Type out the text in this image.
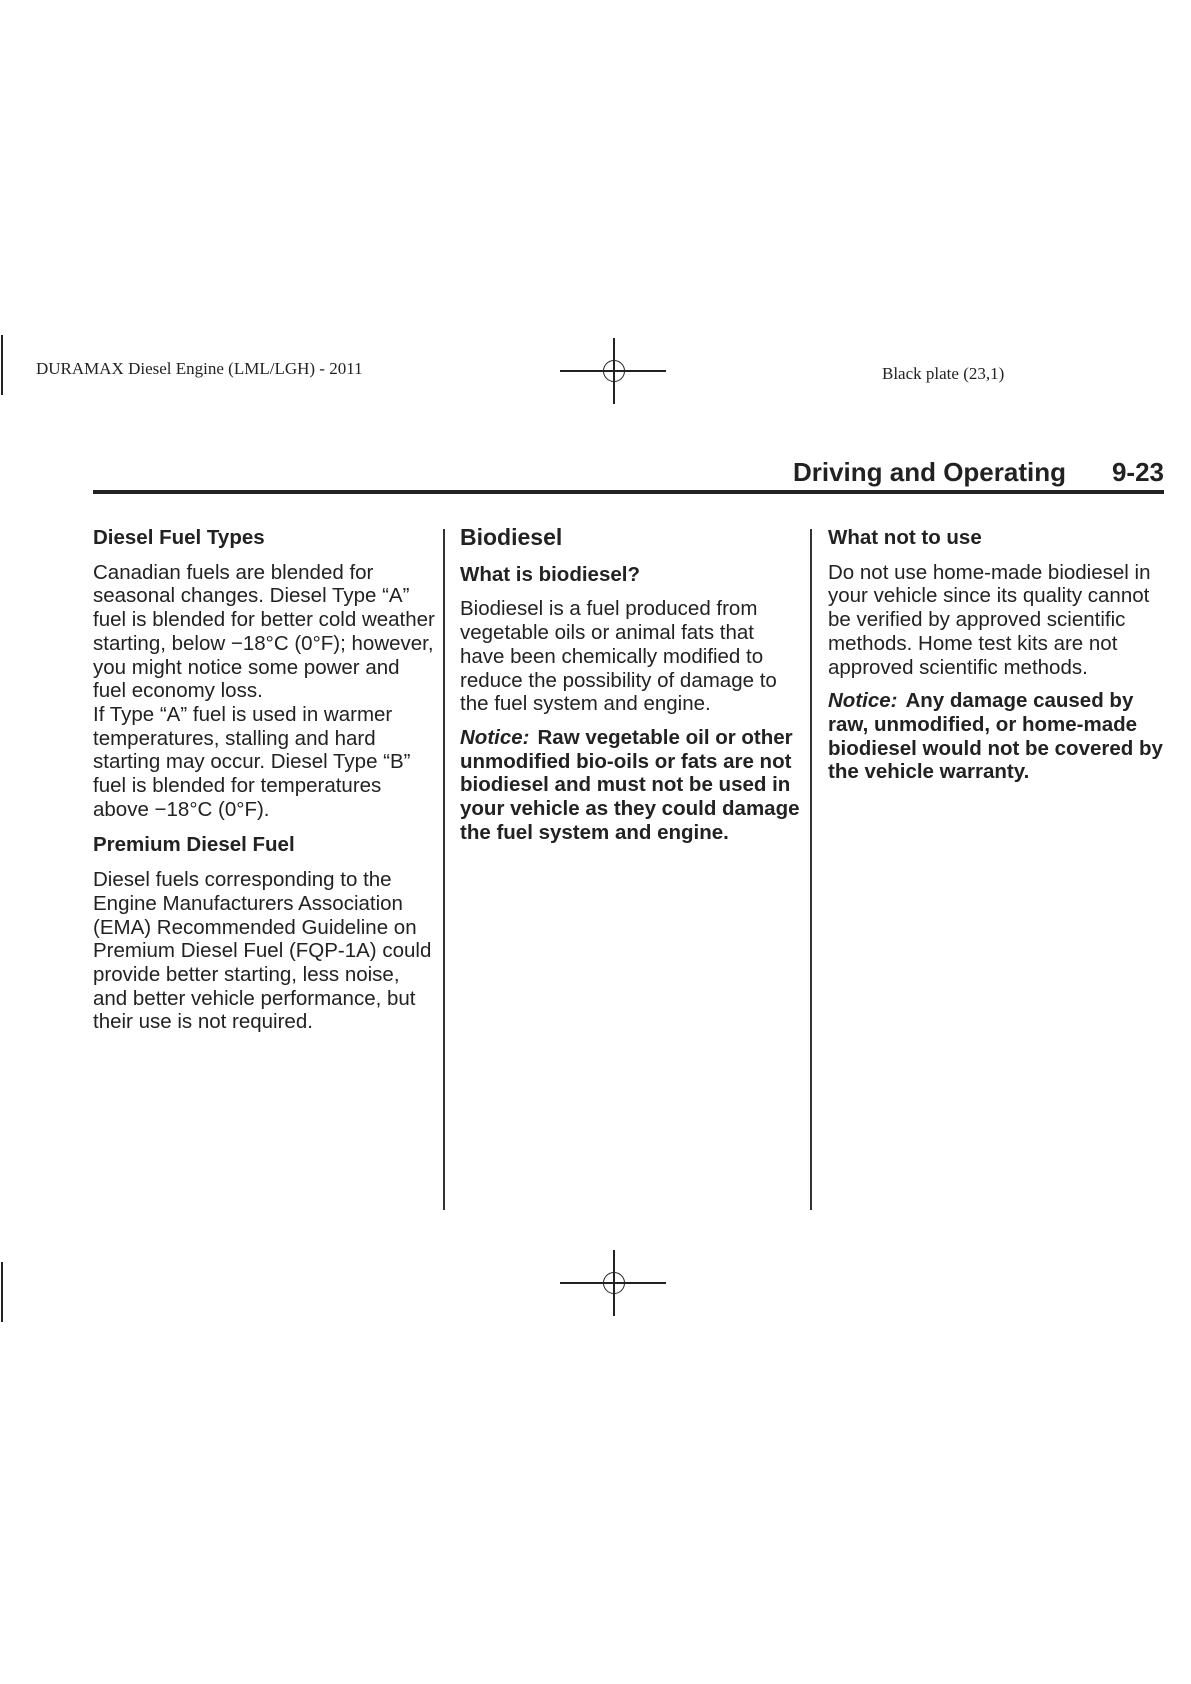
DURAMAX Diesel Engine (LML/LGH) - 2011	Black plate (23,1)
Driving and Operating 9-23
Diesel Fuel Types

Canadian fuels are blended for seasonal changes. Diesel Type “A” fuel is blended for better cold weather starting, below −18°C (0°F); however, you might notice some power and fuel economy loss.

If Type “A” fuel is used in warmer temperatures, stalling and hard starting may occur. Diesel Type “B” fuel is blended for temperatures above −18°C (0°F).

Premium Diesel Fuel

Diesel fuels corresponding to the Engine Manufacturers Association (EMA) Recommended Guideline on Premium Diesel Fuel (FQP-1A) could provide better starting, less noise, and better vehicle performance, but their use is not required.

Biodiesel
What is biodiesel?

Biodiesel is a fuel produced from vegetable oils or animal fats that have been chemically modified to reduce the possibility of damage to the fuel system and engine.

Notice: Raw vegetable oil or other unmodified bio-oils or fats are not biodiesel and must not be used in your vehicle as they could damage the fuel system and engine.
What not to use

Do not use home-made biodiesel in your vehicle since its quality cannot be verified by approved scientific methods. Home test kits are not approved scientific methods.

Notice: Any damage caused by raw, unmodified, or home-made biodiesel would not be covered by the vehicle warranty.
